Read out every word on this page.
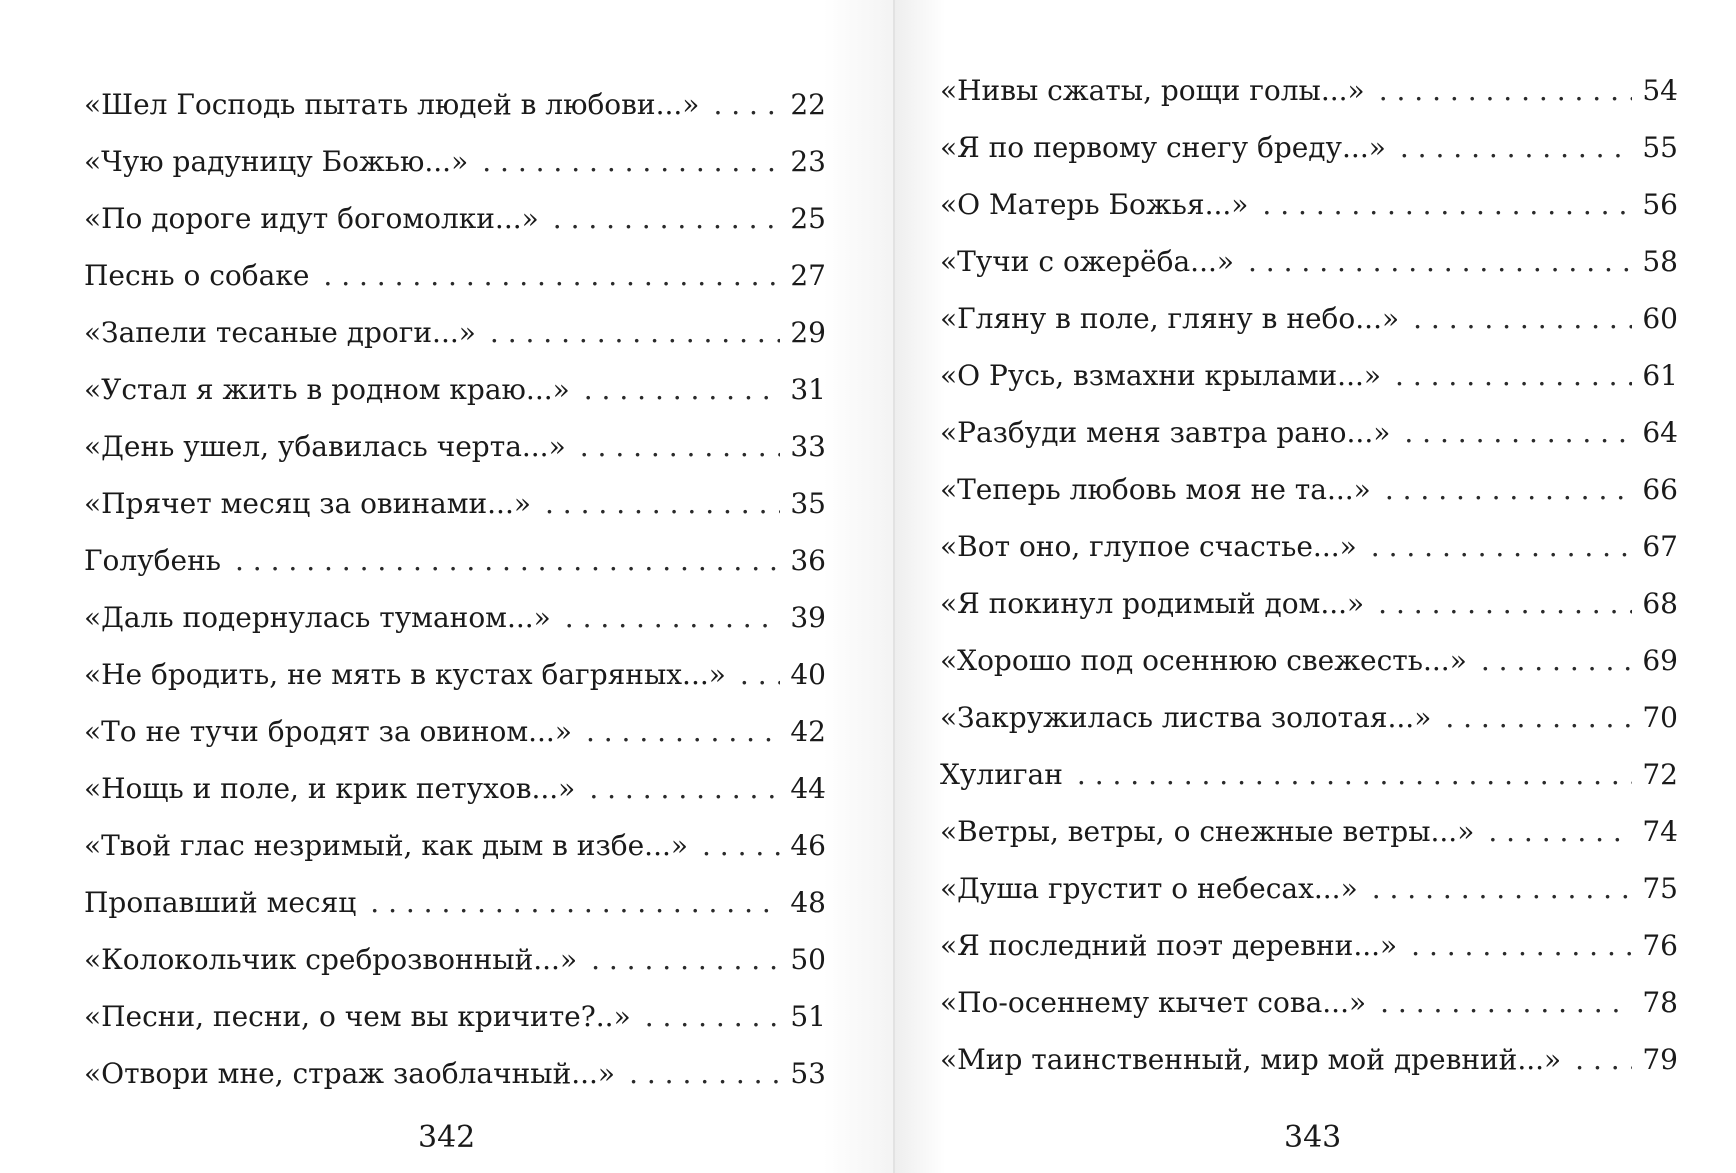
«Шел Господь пытать людей в любови...» . . .	22
«Чую радуницу Божью...» . . .	23
«По дороге идут богомолки...» . . .	25
Песнь о собаке . . .	27
«Запели тесаные дроги...» . . .	29
«Устал я жить в родном краю...» . . .	31
«День ушел, убавилась черта...» . . .	33
«Прячет месяц за овинами...» . . .	35
Голубень . . .	36
«Даль подернулась туманом...» . . .	39
«Не бродить, не мять в кустах багряных...» . . . 40
«То не тучи бродят за овином...» . . .	42
«Нощь и поле, и крик петухов...» . . .	44
«Твой глас незримый, как дым в избе...» . . .	46
Пропавший месяц . . .	48
«Колокольчик среброзвонный...» . . .	50
«Песни, песни, о чем вы кричите?..» . . .	51
«Отвори мне, страж заоблачный...» . . .	53
342
«Нивы сжаты, рощи голы...» . . .	54
«Я по первому снегу бреду...» . . .	55
«О Матерь Божья...» . . .	56
«Тучи с ожерёба...» . . .	58
«Гляну в поле, гляну в небо...» . . .	60
«О Русь, взмахни крылами...» . . .	61
«Разбуди меня завтра рано...» . . .	64
«Теперь любовь моя не та...» . . .	66
«Вот оно, глупое счастье...» . . .	67
«Я покинул родимый дом...» . . .	68
«Хорошо под осеннюю свежесть...» . . .	69
«Закружилась листва золотая...» . . .	70
Хулиган . . .	72
«Ветры, ветры, о снежные ветры...» . . .	74
«Душа грустит о небесах...» . . .	75
«Я последний поэт деревни...» . . .	76
«По-осеннему кычет сова...» . . .	78
«Мир таинственный, мир мой древний...» . . .	79
343
